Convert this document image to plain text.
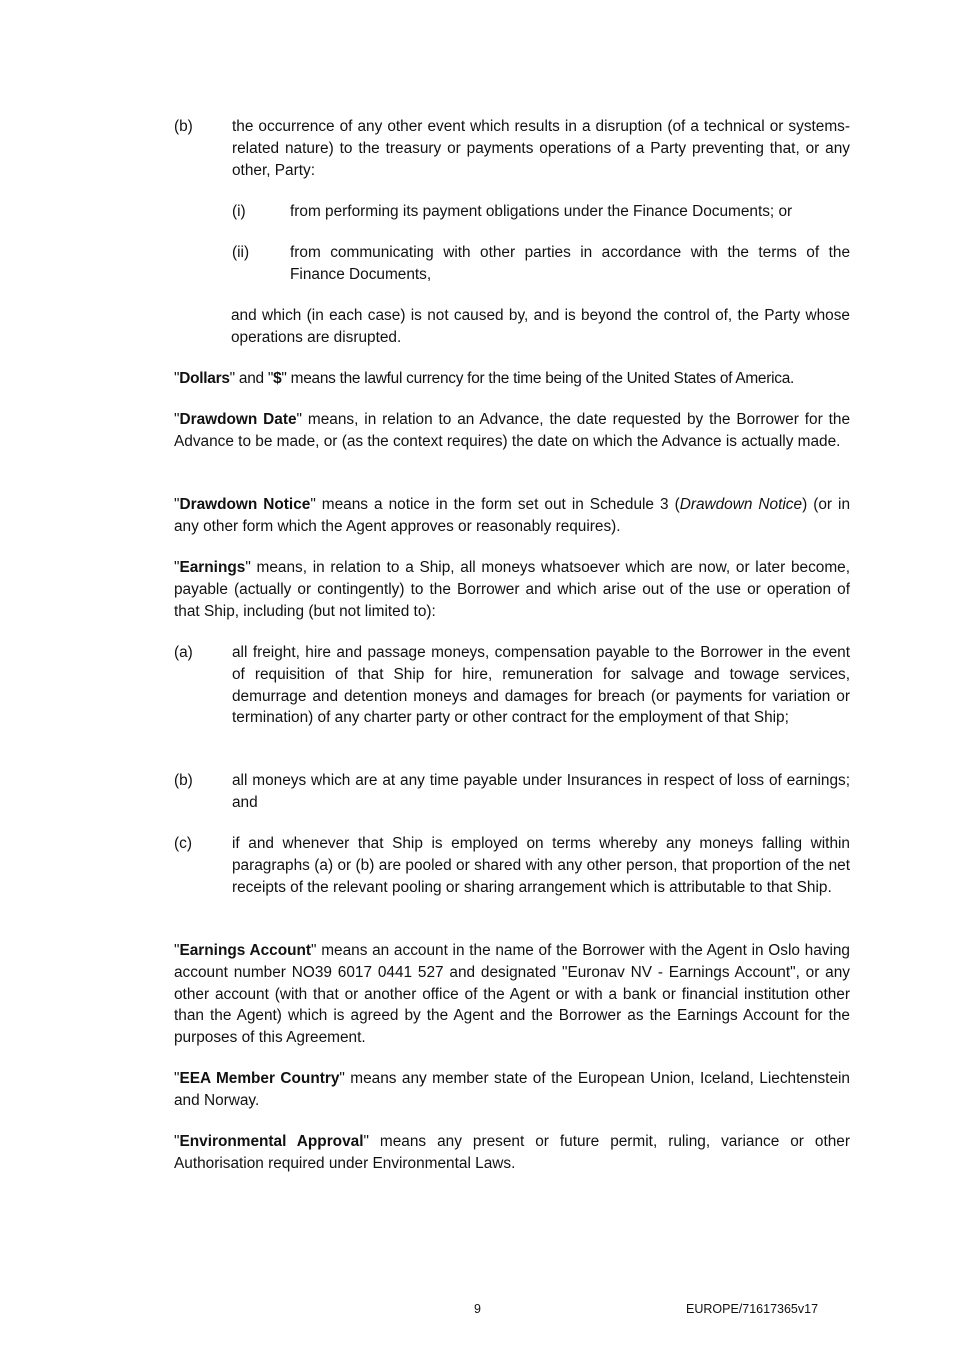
(b)	the occurrence of any other event which results in a disruption (of a technical or systems-related nature) to the treasury or payments operations of a Party preventing that, or any other, Party:
(i)	from performing its payment obligations under the Finance Documents; or
(ii)	from communicating with other parties in accordance with the terms of the Finance Documents,

and which (in each case) is not caused by, and is beyond the control of, the Party whose operations are disrupted.

"Dollars" and "$" means the lawful currency for the time being of the United States of America.

"Drawdown Date" means, in relation to an Advance, the date requested by the Borrower for the Advance to be made, or (as the context requires) the date on which the Advance is actually made.

"Drawdown Notice" means a notice in the form set out in Schedule 3 (Drawdown Notice) (or in any other form which the Agent approves or reasonably requires).

"Earnings" means, in relation to a Ship, all moneys whatsoever which are now, or later become, payable (actually or contingently) to the Borrower and which arise out of the use or operation of that Ship, including (but not limited to):

(a)	all freight, hire and passage moneys, compensation payable to the Borrower in the event of requisition of that Ship for hire, remuneration for salvage and towage services, demurrage and detention moneys and damages for breach (or payments for variation or termination) of any charter party or other contract for the employment of that Ship;
(b)	all moneys which are at any time payable under Insurances in respect of loss of earnings; and
(c)	if and whenever that Ship is employed on terms whereby any moneys falling within paragraphs (a) or (b) are pooled or shared with any other person, that proportion of the net receipts of the relevant pooling or sharing arrangement which is attributable to that Ship.

"Earnings Account" means an account in the name of the Borrower with the Agent in Oslo having account number NO39 6017 0441 527 and designated "Euronav NV - Earnings Account", or any other account (with that or another office of the Agent or with a bank or financial institution other than the Agent) which is agreed by the Agent and the Borrower as the Earnings Account for the purposes of this Agreement.

"EEA Member Country" means any member state of the European Union, Iceland, Liechtenstein and Norway.

"Environmental Approval" means any present or future permit, ruling, variance or other Authorisation required under Environmental Laws.

9	EUROPE/71617365v17
